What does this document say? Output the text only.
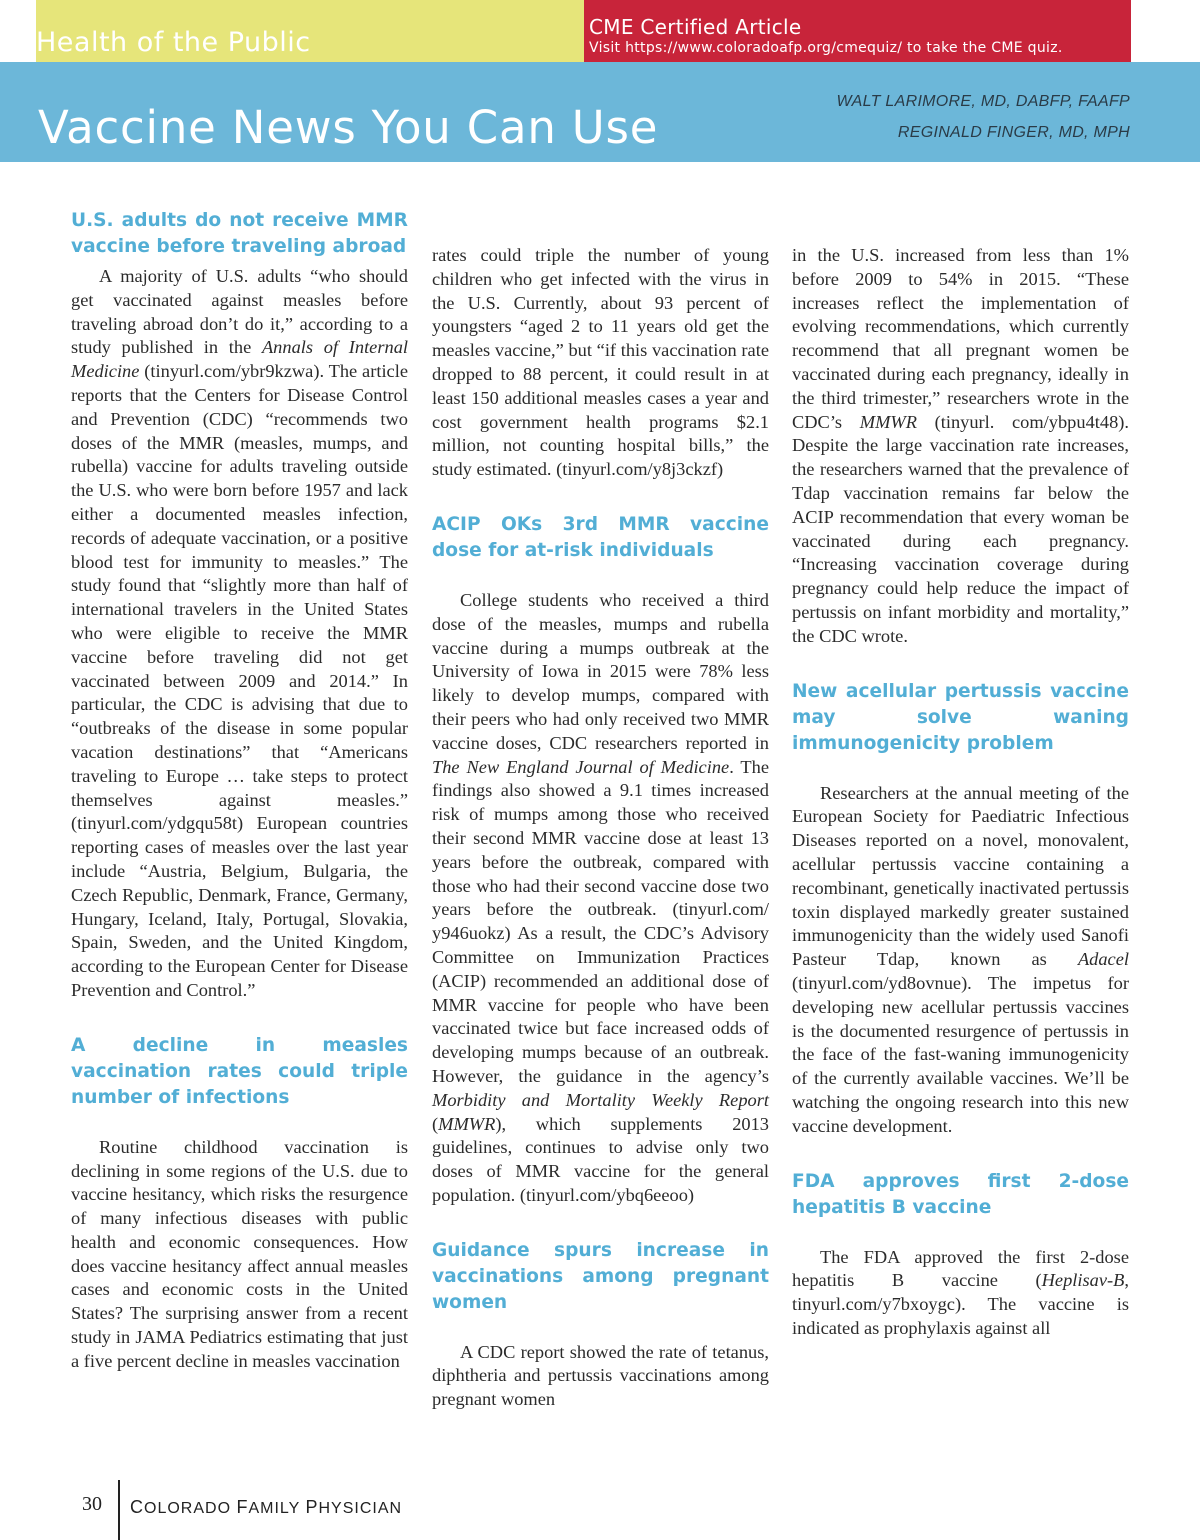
Health of the Public	CME Certified Article
Visit https://www.coloradoafp.org/cmequiz/ to take the CME quiz.
Vaccine News You Can Use	WALT LARIMORE, MD, DABFP, FAAFP
REGINALD FINGER, MD, MPH
U.S. adults do not receive MMR vaccine before traveling abroad

A majority of U.S. adults “who should get vaccinated against measles before traveling abroad don’t do it,” according to a study published in the Annals of Internal Medicine (tinyurl.com/ybr9kzwa). The article reports that the Centers for Disease Control and Prevention (CDC) “recommends two doses of the MMR (measles, mumps, and rubella) vaccine for adults traveling outside the U.S. who were born before 1957 and lack either a documented measles infection, records of adequate vaccination, or a positive blood test for immunity to measles.” The study found that “slightly more than half of international travelers in the United States who were eligible to receive the MMR vaccine before traveling did not get vaccinated between 2009 and 2014.” In particular, the CDC is advising that due to “outbreaks of the disease in some popular vacation destinations” that “Americans traveling to Europe … take steps to protect themselves against measles.” (tinyurl.com/ydgqu58t) European countries reporting cases of measles over the last year include “Austria, Belgium, Bulgaria, the Czech Republic, Denmark, France, Germany, Hungary, Iceland, Italy, Portugal, Slovakia, Spain, Sweden, and the United Kingdom, according to the European Center for Disease Prevention and Control.”

A decline in measles vaccination rates could triple number of infections

Routine childhood vaccination is declining in some regions of the U.S. due to vaccine hesitancy, which risks the resurgence of many infectious diseases with public health and economic consequences. How does vaccine hesitancy affect annual measles cases and economic costs in the United States? The surprising answer from a recent study in JAMA Pediatrics estimating that just a five percent decline in measles vaccination

rates could triple the number of young children who get infected with the virus in the U.S. Currently, about 93 percent of youngsters “aged 2 to 11 years old get the measles vaccine,” but “if this vaccination rate dropped to 88 percent, it could result in at least 150 additional measles cases a year and cost government health programs $2.1 million, not counting hospital bills,” the study estimated. (tinyurl.com/y8j3ckzf)

ACIP OKs 3rd MMR vaccine dose for at-risk individuals

College students who received a third dose of the measles, mumps and rubella vaccine during a mumps outbreak at the University of Iowa in 2015 were 78% less likely to develop mumps, compared with their peers who had only received two MMR vaccine doses, CDC researchers reported in The New England Journal of Medicine. The findings also showed a 9.1 times increased risk of mumps among those who received their second MMR vaccine dose at least 13 years before the outbreak, compared with those who had their second vaccine dose two years before the outbreak. (tinyurl.com/ y946uokz) As a result, the CDC’s Advisory Committee on Immunization Practices (ACIP) recommended an additional dose of MMR vaccine for people who have been vaccinated twice but face increased odds of developing mumps because of an outbreak. However, the guidance in the agency’s Morbidity and Mortality Weekly Report (MMWR), which supplements 2013 guidelines, continues to advise only two doses of MMR vaccine for the general population. (tinyurl.com/ybq6eeoo)

Guidance spurs increase in vaccinations among pregnant women

A CDC report showed the rate of tetanus, diphtheria and pertussis vaccinations among pregnant women

in the U.S. increased from less than 1% before 2009 to 54% in 2015. “These increases reflect the implementation of evolving recommendations, which currently recommend that all pregnant women be vaccinated during each pregnancy, ideally in the third trimester,” researchers wrote in the CDC’s MMWR (tinyurl. com/ybpu4t48). Despite the large vaccination rate increases, the researchers warned that the prevalence of Tdap vaccination remains far below the ACIP recommendation that every woman be vaccinated during each pregnancy. “Increasing vaccination coverage during pregnancy could help reduce the impact of pertussis on infant morbidity and mortality,” the CDC wrote.

New acellular pertussis vaccine may solve waning immunogenicity problem

Researchers at the annual meeting of the European Society for Paediatric Infectious Diseases reported on a novel, monovalent, acellular pertussis vaccine containing a recombinant, genetically inactivated pertussis toxin displayed markedly greater sustained immunogenicity than the widely used Sanofi Pasteur Tdap, known as Adacel (tinyurl.com/yd8ovnue). The impetus for developing new acellular pertussis vaccines is the documented resurgence of pertussis in the face of the fast-waning immunogenicity of the currently available vaccines. We’ll be watching the ongoing research into this new vaccine development.

FDA approves first 2-dose hepatitis B vaccine

The FDA approved the first 2-dose hepatitis B vaccine (Heplisav-B, tinyurl.com/y7bxoygc). The vaccine is indicated as prophylaxis against all

30 COLORADO FAMILY PHYSICIAN
